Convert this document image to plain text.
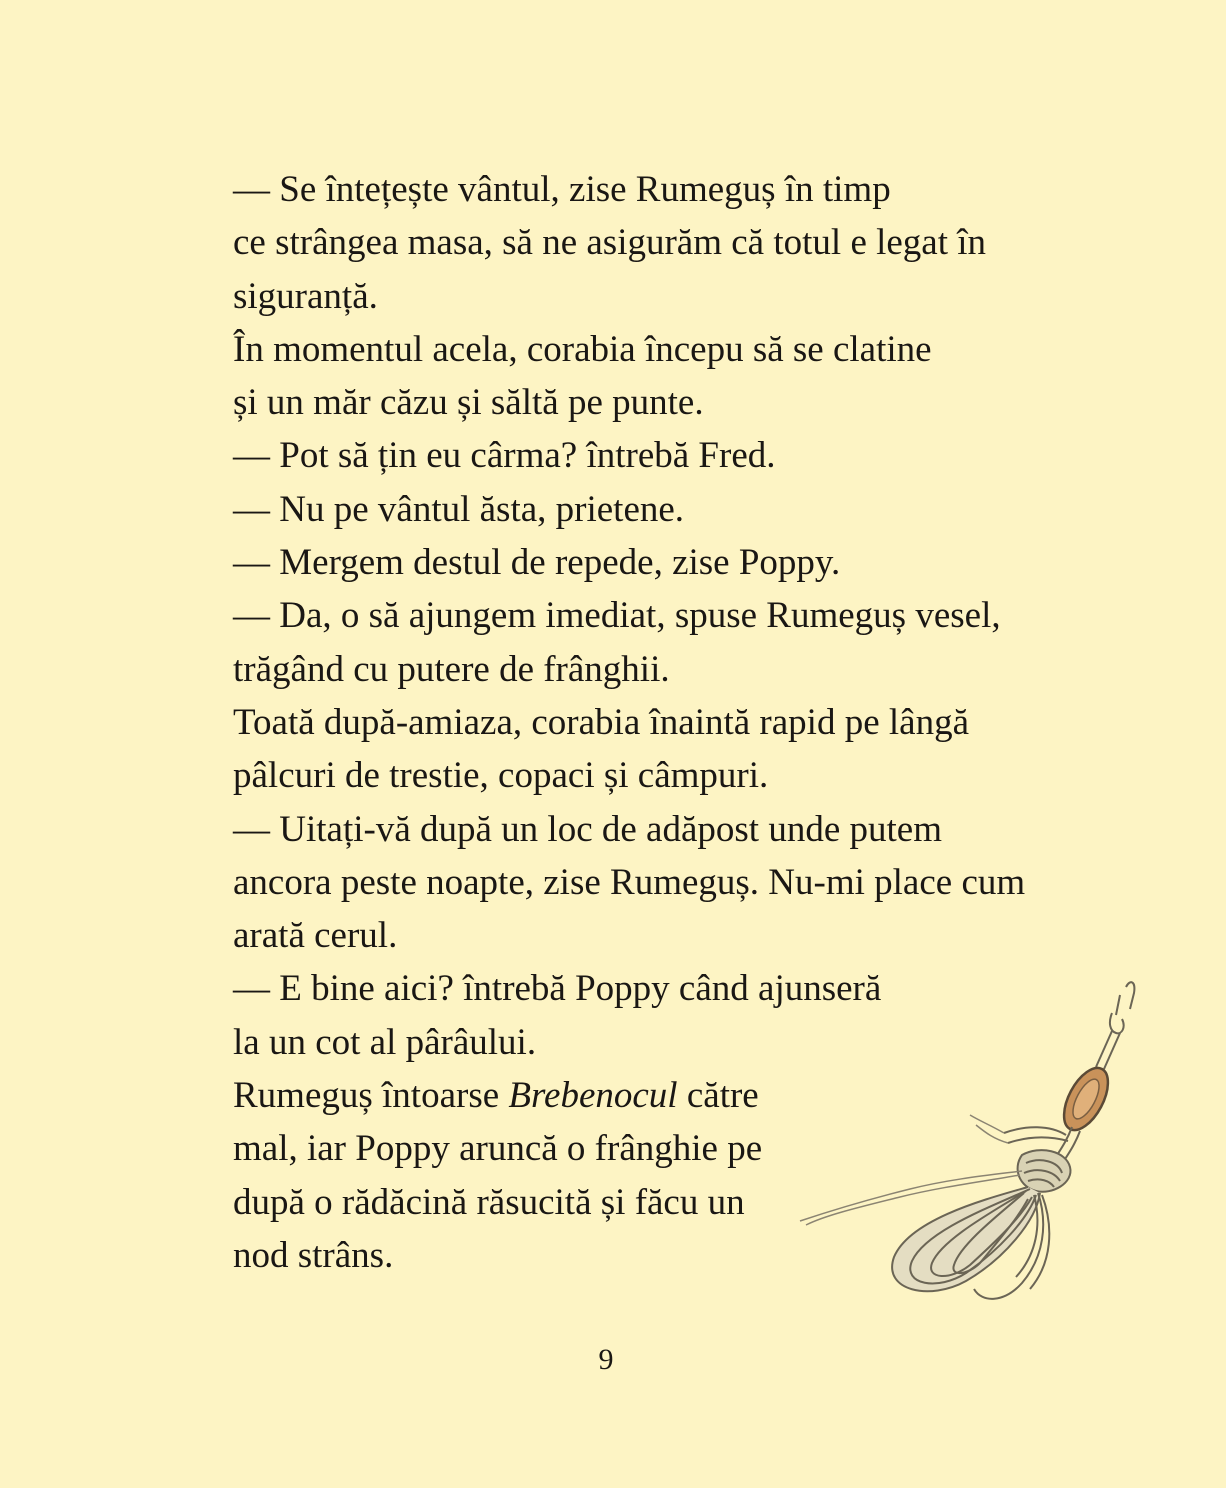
— Se întețește vântul, zise Rumeguș în timp
ce strângea masa, să ne asigurăm că totul e legat în
siguranță.

În momentul acela, corabia începu să se clatine
și un măr căzu și săltă pe punte.

— Pot să țin eu cârma? întrebă Fred.

— Nu pe vântul ăsta, prietene.

— Mergem destul de repede, zise Poppy.

— Da, o să ajungem imediat, spuse Rumeguș vesel,
trăgând cu putere de frânghii.

Toată după-amiaza, corabia înaintă rapid pe lângă
pâlcuri de trestie, copaci și câmpuri.

— Uitați-vă după un loc de adăpost unde putem
ancora peste noapte, zise Rumeguș. Nu-mi place cum
arată cerul.

— E bine aici? întrebă Poppy când ajunseră
la un cot al pârâului.

Rumeguș întoarse Brebenocul către
mal, iar Poppy aruncă o frânghie pe
după o rădăcină răsucită și făcu un
nod strâns.

9
